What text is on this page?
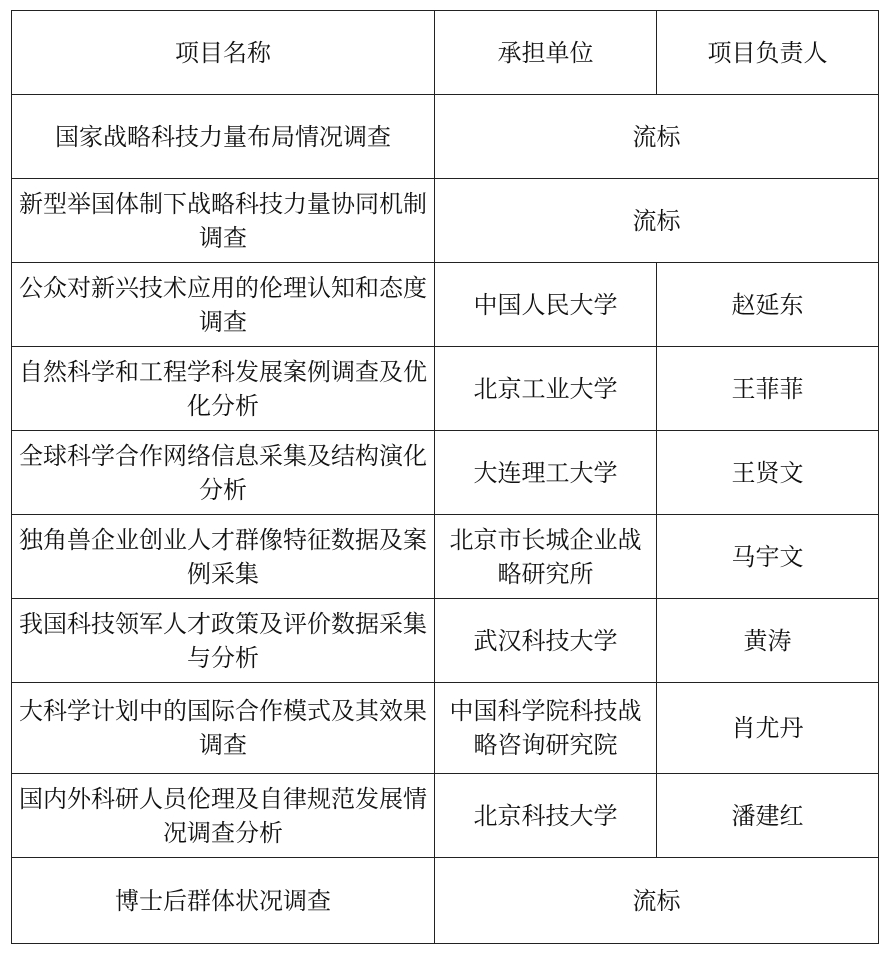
项目名称	承担单位	项目负责人
国家战略科技力量布局情况调查	流标	
新型举国体制下战略科技力量协同机制调查	流标	
公众对新兴技术应用的伦理认知和态度调查	中国人民大学	赵延东
自然科学和工程学科发展案例调查及优化分析	北京工业大学	王菲菲
全球科学合作网络信息采集及结构演化分析	大连理工大学	王贤文
独角兽企业创业人才群像特征数据及案例采集	北京市长城企业战略研究所	马宇文
我国科技领军人才政策及评价数据采集与分析	武汉科技大学	黄涛
大科学计划中的国际合作模式及其效果调查	中国科学院科技战略咨询研究院	肖尤丹
国内外科研人员伦理及自律规范发展情况调查分析	北京科技大学	潘建红
博士后群体状况调查	流标	
